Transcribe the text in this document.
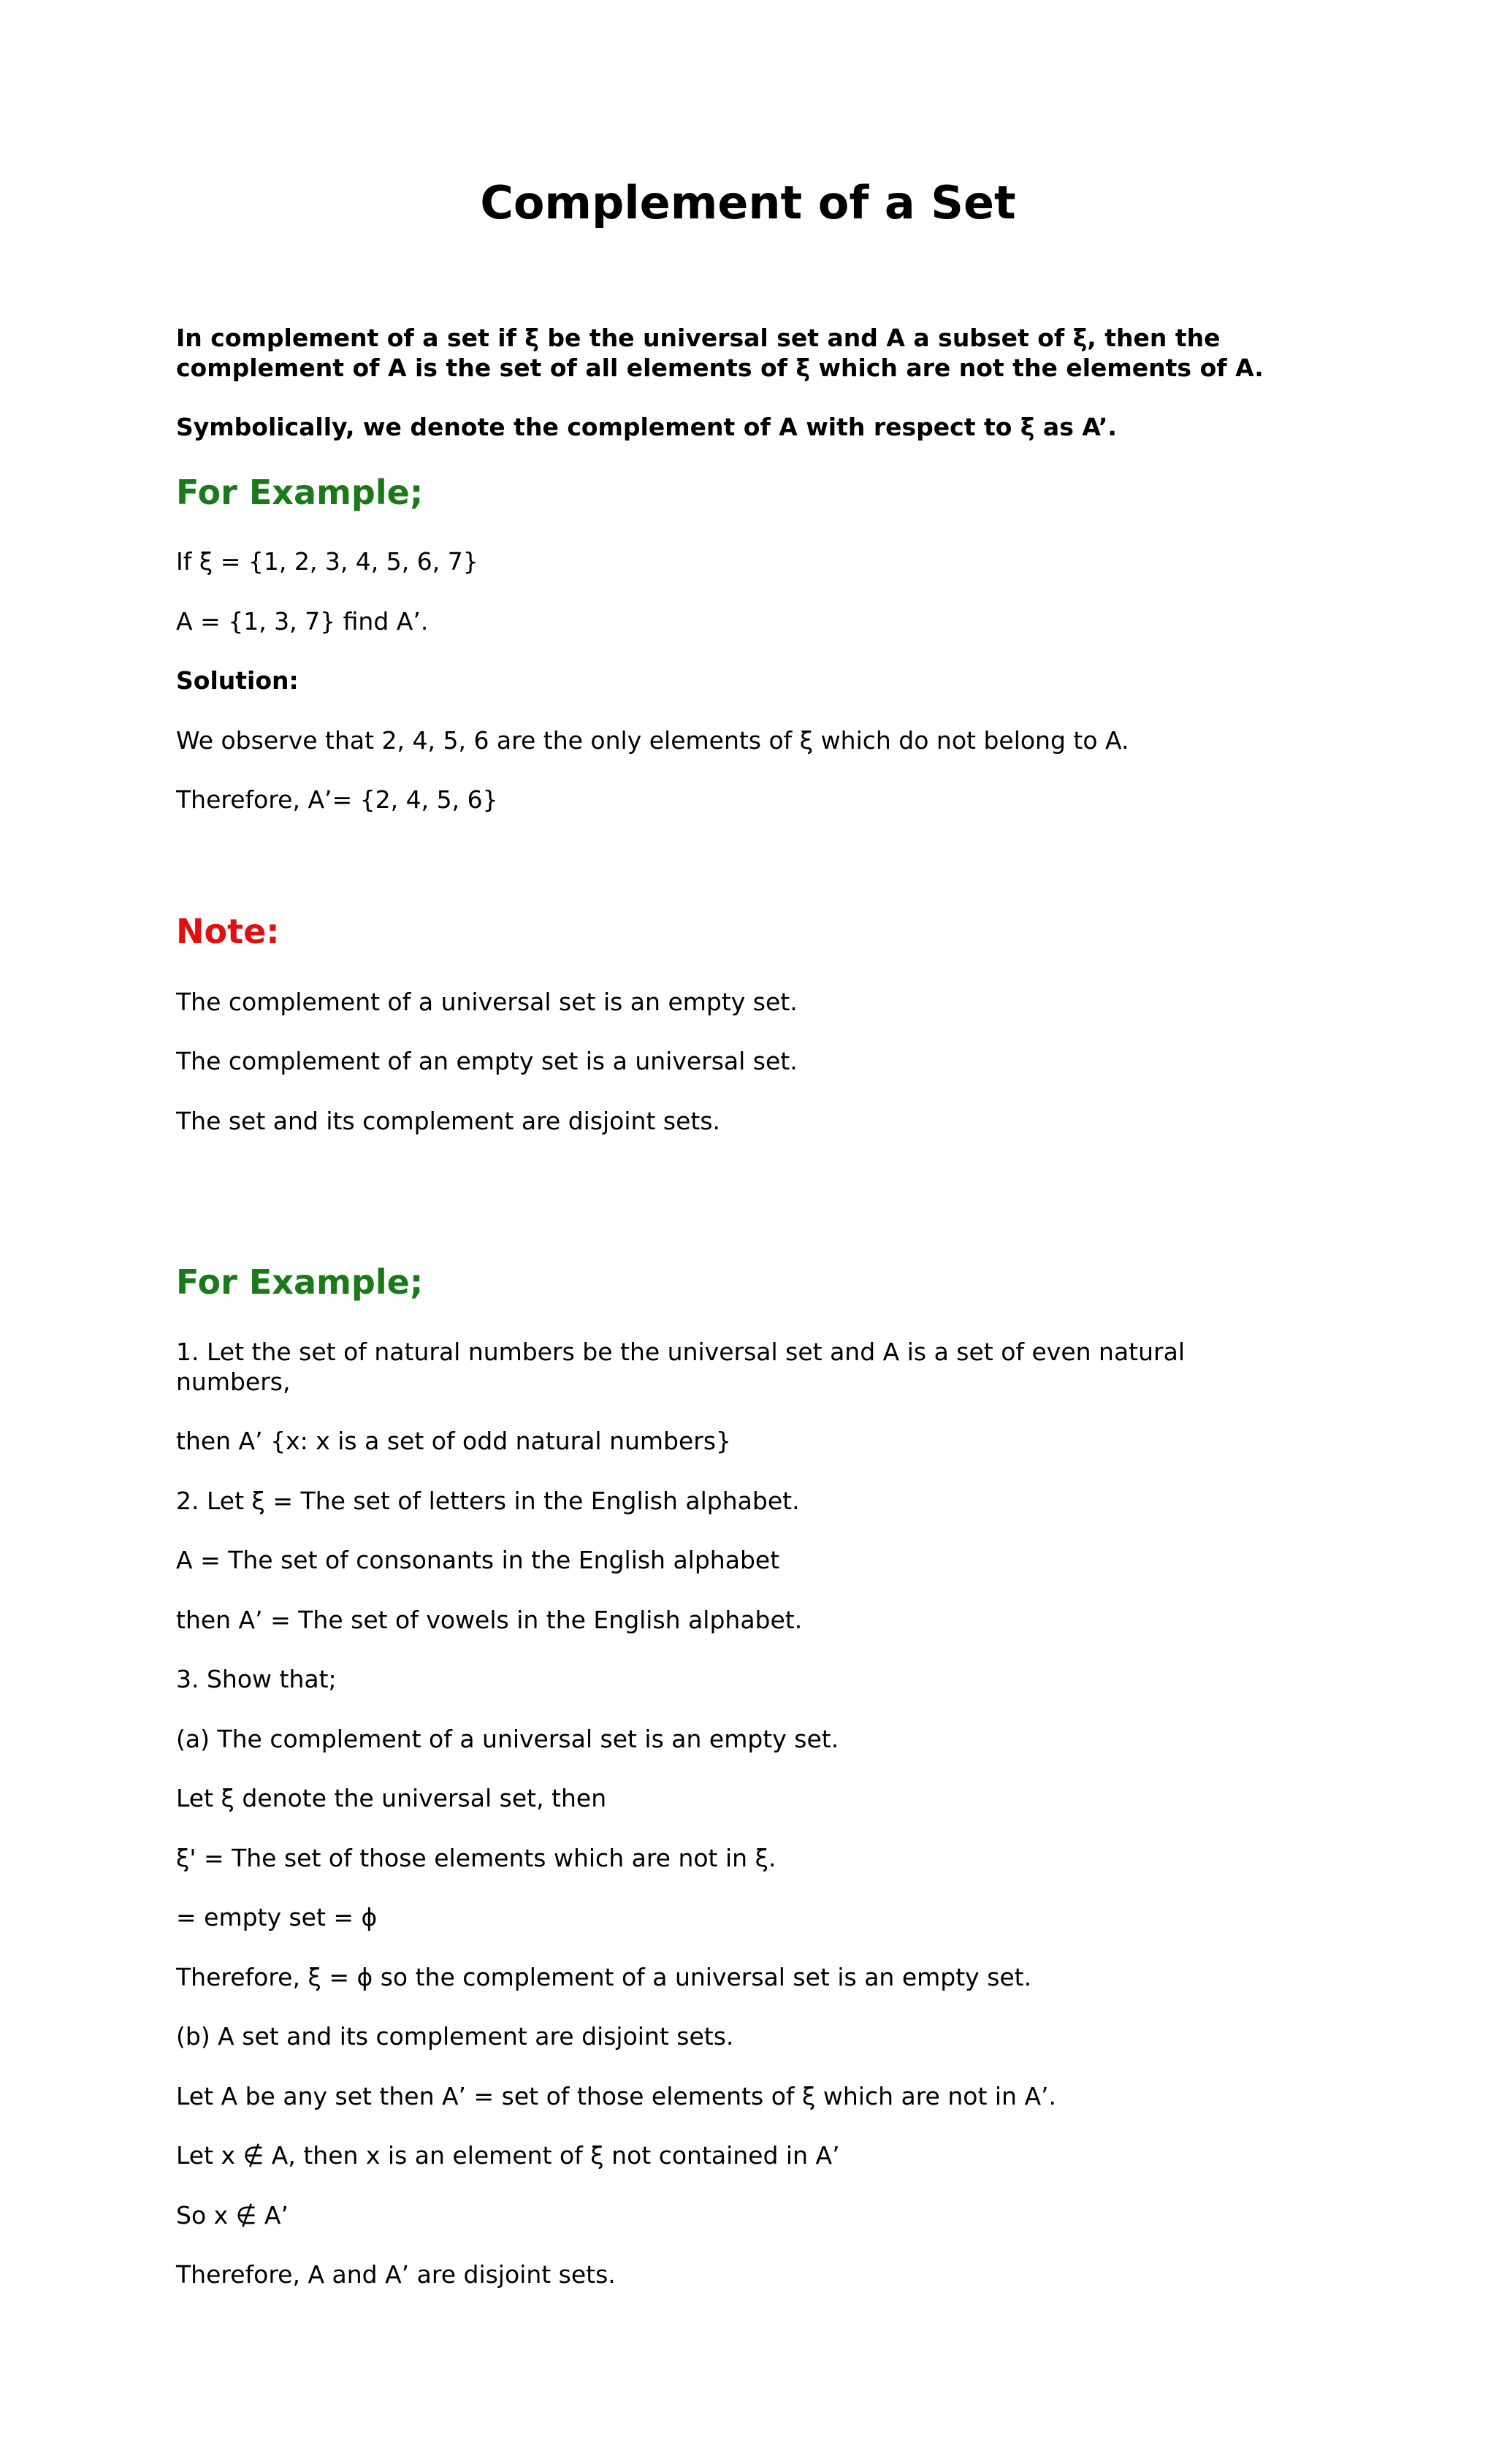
Complement of a Set

In complement of a set if ξ be the universal set and A a subset of ξ, then the complement of A is the set of all elements of ξ which are not the elements of A.

Symbolically, we denote the complement of A with respect to ξ as A’.

For Example;

If ξ = {1, 2, 3, 4, 5, 6, 7}

A = {1, 3, 7} find A’.

Solution:

We observe that 2, 4, 5, 6 are the only elements of ξ which do not belong to A.

Therefore, A’= {2, 4, 5, 6}

Note:

The complement of a universal set is an empty set.

The complement of an empty set is a universal set.

The set and its complement are disjoint sets.

For Example;

1. Let the set of natural numbers be the universal set and A is a set of even natural numbers,

then A’ {x: x is a set of odd natural numbers}

2. Let ξ = The set of letters in the English alphabet.

A = The set of consonants in the English alphabet

then A’ = The set of vowels in the English alphabet.

3. Show that;

(a) The complement of a universal set is an empty set.

Let ξ denote the universal set, then

ξ' = The set of those elements which are not in ξ.

= empty set = ϕ

Therefore, ξ = ϕ so the complement of a universal set is an empty set.

(b) A set and its complement are disjoint sets.

Let A be any set then A’ = set of those elements of ξ which are not in A’.

Let x ∉ A, then x is an element of ξ not contained in A’

So x ∉ A’

Therefore, A and A’ are disjoint sets.
